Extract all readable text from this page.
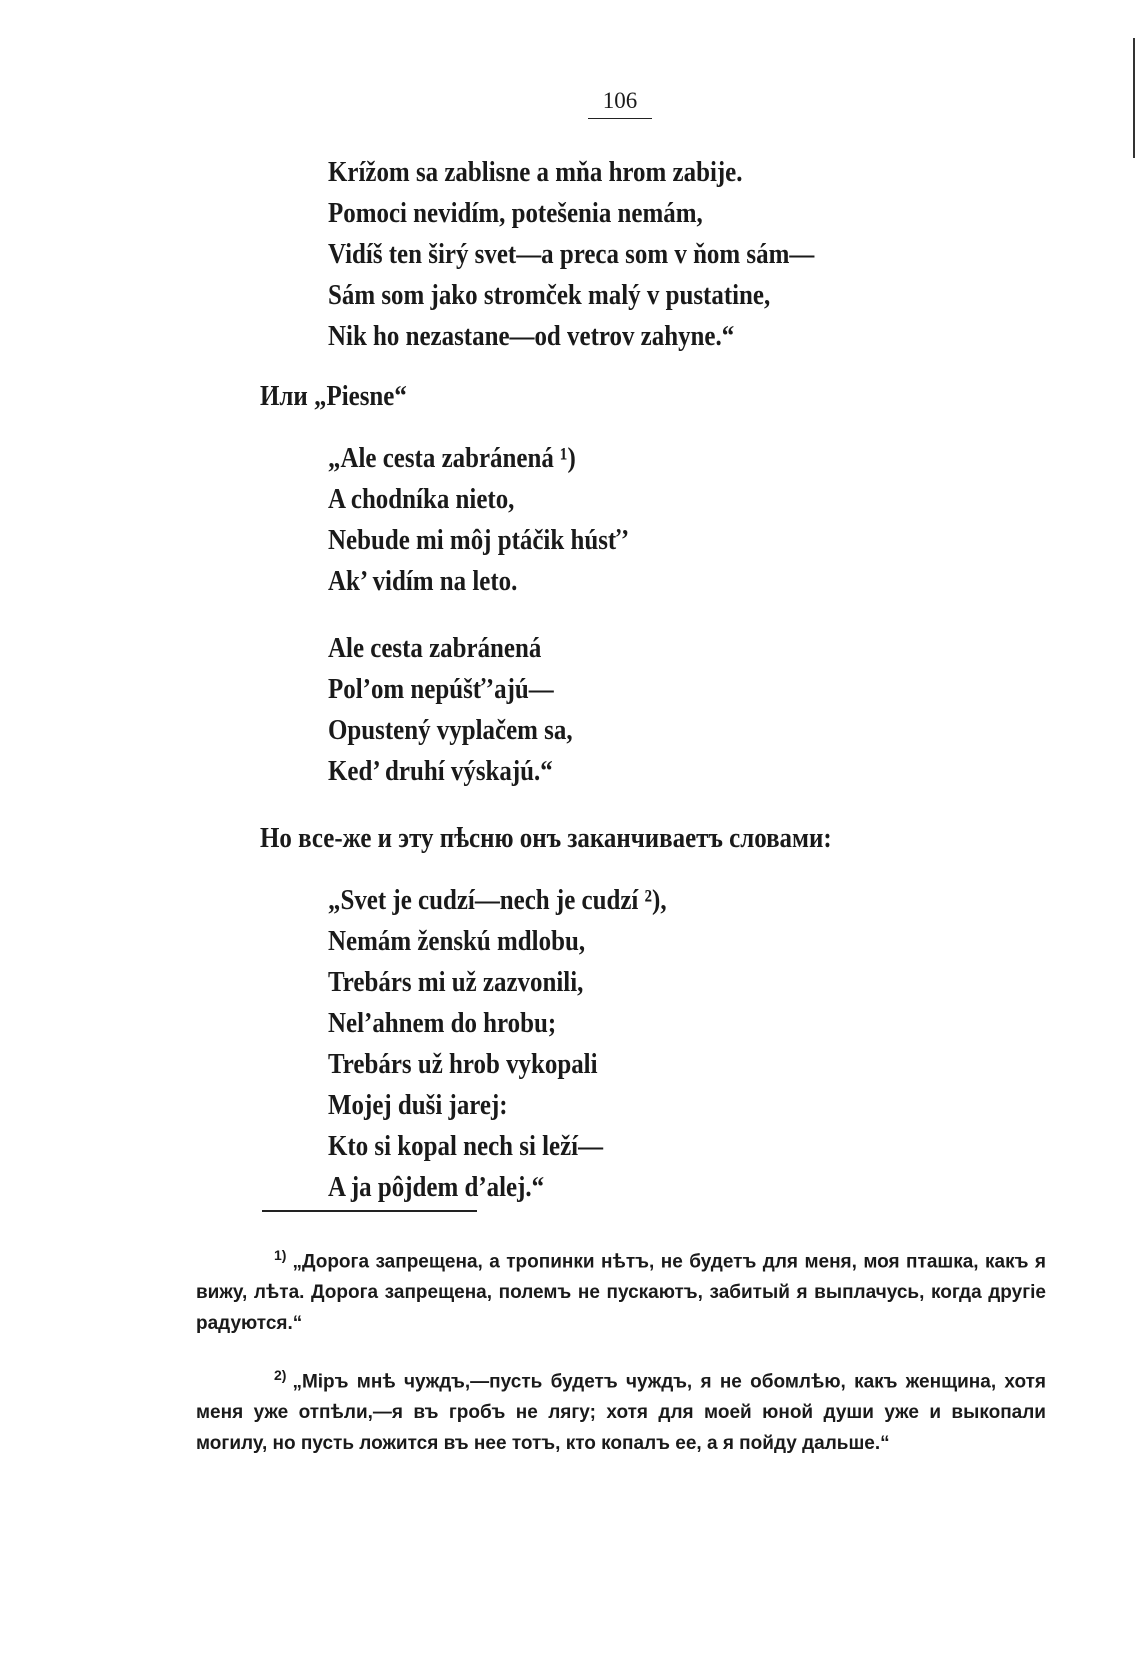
106
Krížom sa zablisne a mňa hrom zabije.
Pomoci nevidím, potešenia nemám,
Vidíš ten širý svet—a preca som v ňom sám—
Sám som jako stromček malý v pustatine,
Nik ho nezastane—od vetrov zahyne.“
Или „Piesne“
„Ale cesta zabránená ¹)
A chodníka nieto,
Nebude mi môj ptáčik húsť’
Ak’ vidím na leto.
Ale cesta zabránená
Pol’om nepúšť’ajú—
Opustený vyplačem sa,
Ked’ druhí výskajú.“
Но все-же и эту пѣсню онъ заканчиваетъ словами:
„Svet je cudzí—nech je cudzí ²),
Nemám ženskú mdlobu,
Trebárs mi už zazvonili,
Nel’ahnem do hrobu;
Trebárs už hrob vykopali
Mojej duši jarej:
Kto si kopal nech si leží—
A ja pôjdem d’alej.“
$^{1)}$ „Дорога запрещена, а тропинки нѣтъ, не будетъ для меня, моя пташка, какъ я вижу, лѣта. Дорога запрещена, полемъ не пускаютъ, забитый я выплачусь, когда другіе радуются.“
$^{2)}$ „Міръ мнѣ чуждъ,—пусть будетъ чуждъ, я не обомлѣю, какъ женщина, хотя меня уже отпѣли,—я въ гробъ не лягу; хотя для моей юной души уже и выкопали могилу, но пусть ложится въ нее тотъ, кто копалъ ее, а я пойду дальше.“
